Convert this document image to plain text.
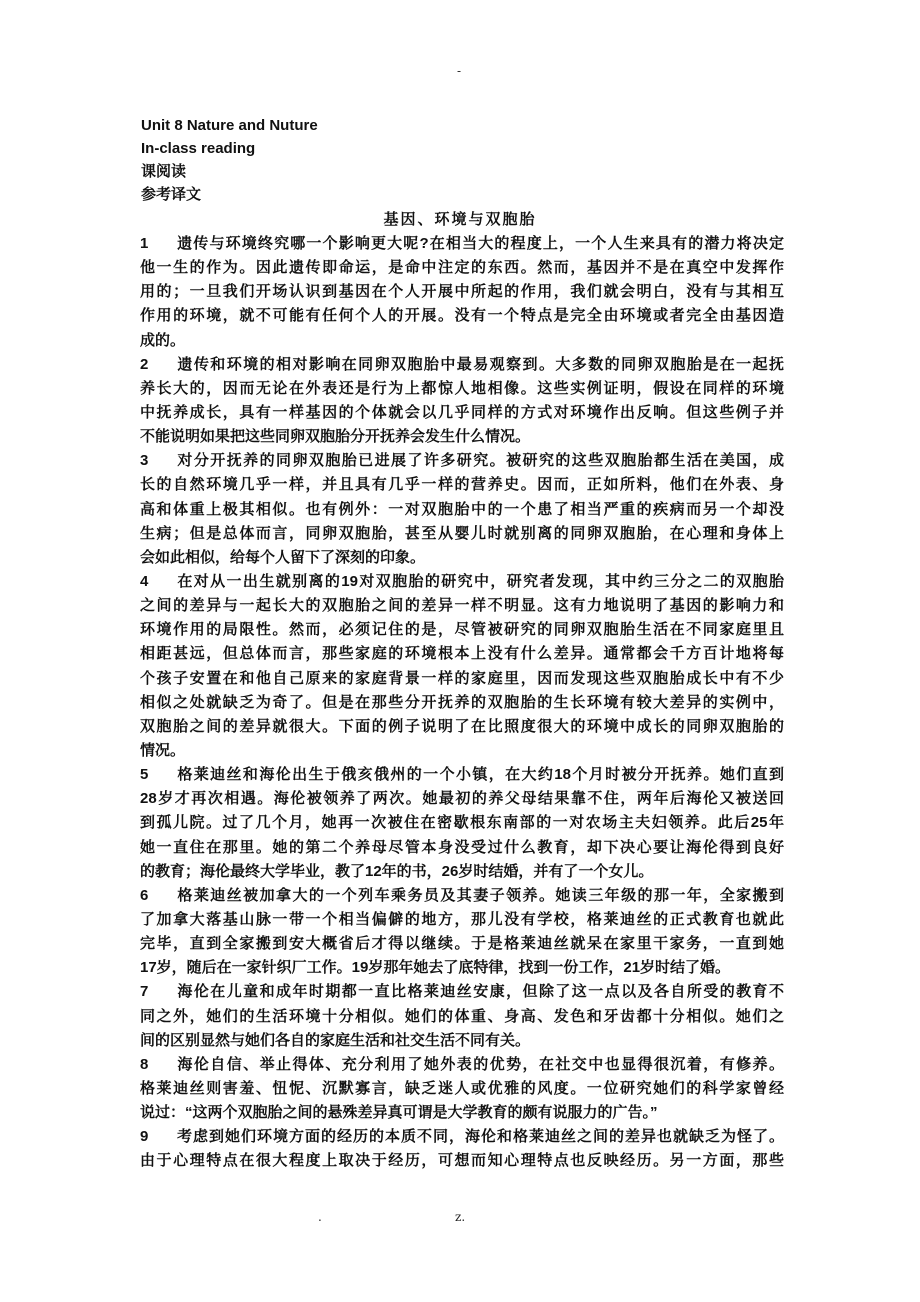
-
Unit 8 Nature and Nuture
In-class reading
课阅读
参考译文
基因、环境与双胞胎
1 遗传与环境终究哪一个影响更大呢?在相当大的程度上，一个人生来具有的潜力将决定
他一生的作为。因此遗传即命运，是命中注定的东西。然而，基因并不是在真空中发挥作
用的；一旦我们开场认识到基因在个人开展中所起的作用，我们就会明白，没有与其相互
作用的环境，就不可能有任何个人的开展。没有一个特点是完全由环境或者完全由基因造
成的。
2 遗传和环境的相对影响在同卵双胞胎中最易观察到。大多数的同卵双胞胎是在一起抚
养长大的，因而无论在外表还是行为上都惊人地相像。这些实例证明，假设在同样的环境
中抚养成长，具有一样基因的个体就会以几乎同样的方式对环境作出反响。但这些例子并
不能说明如果把这些同卵双胞胎分开抚养会发生什么情况。
3 对分开抚养的同卵双胞胎已进展了许多研究。被研究的这些双胞胎都生活在美国，成
长的自然环境几乎一样，并且具有几乎一样的营养史。因而，正如所料，他们在外表、身
高和体重上极其相似。也有例外：一对双胞胎中的一个患了相当严重的疾病而另一个却没
生病；但是总体而言，同卵双胞胎，甚至从婴儿时就别离的同卵双胞胎，在心理和身体上
会如此相似，给每个人留下了深刻的印象。
4 在对从一出生就别离的19对双胞胎的研究中，研究者发现，其中约三分之二的双胞胎
之间的差异与一起长大的双胞胎之间的差异一样不明显。这有力地说明了基因的影响力和
环境作用的局限性。然而，必须记住的是，尽管被研究的同卵双胞胎生活在不同家庭里且
相距甚远，但总体而言，那些家庭的环境根本上没有什么差异。通常都会千方百计地将每
个孩子安置在和他自己原来的家庭背景一样的家庭里，因而发现这些双胞胎成长中有不少
相似之处就缺乏为奇了。但是在那些分开抚养的双胞胎的生长环境有较大差异的实例中，
双胞胎之间的差异就很大。下面的例子说明了在比照度很大的环境中成长的同卵双胞胎的
情况。
5 格莱迪丝和海伦出生于俄亥俄州的一个小镇，在大约18个月时被分开抚养。她们直到
28岁才再次相遇。海伦被领养了两次。她最初的养父母结果靠不住，两年后海伦又被送回
到孤儿院。过了几个月，她再一次被住在密歇根东南部的一对农场主夫妇领养。此后25年
她一直住在那里。她的第二个养母尽管本身没受过什么教育，却下决心要让海伦得到良好
的教育；海伦最终大学毕业，教了12年的书，26岁时结婚，并有了一个女儿。
6 格莱迪丝被加拿大的一个列车乘务员及其妻子领养。她读三年级的那一年，全家搬到
了加拿大落基山脉一带一个相当偏僻的地方，那儿没有学校，格莱迪丝的正式教育也就此
完毕，直到全家搬到安大概省后才得以继续。于是格莱迪丝就呆在家里干家务，一直到她
17岁，随后在一家针织厂工作。19岁那年她去了底特律，找到一份工作，21岁时结了婚。
7 海伦在儿童和成年时期都一直比格莱迪丝安康，但除了这一点以及各自所受的教育不
同之外，她们的生活环境十分相似。她们的体重、身高、发色和牙齿都十分相似。她们之
间的区别显然与她们各自的家庭生活和社交生活不同有关。
8 海伦自信、举止得体、充分利用了她外表的优势，在社交中也显得很沉着，有修养。
格莱迪丝则害羞、忸怩、沉默寡言，缺乏迷人或优雅的风度。一位研究她们的科学家曾经
说过：“这两个双胞胎之间的悬殊差异真可谓是大学教育的颇有说服力的广告。”
9 考虑到她们环境方面的经历的本质不同，海伦和格莱迪丝之间的差异也就缺乏为怪了。
由于心理特点在很大程度上取决于经历，可想而知心理特点也反映经历。另一方面，那些
.	z.
